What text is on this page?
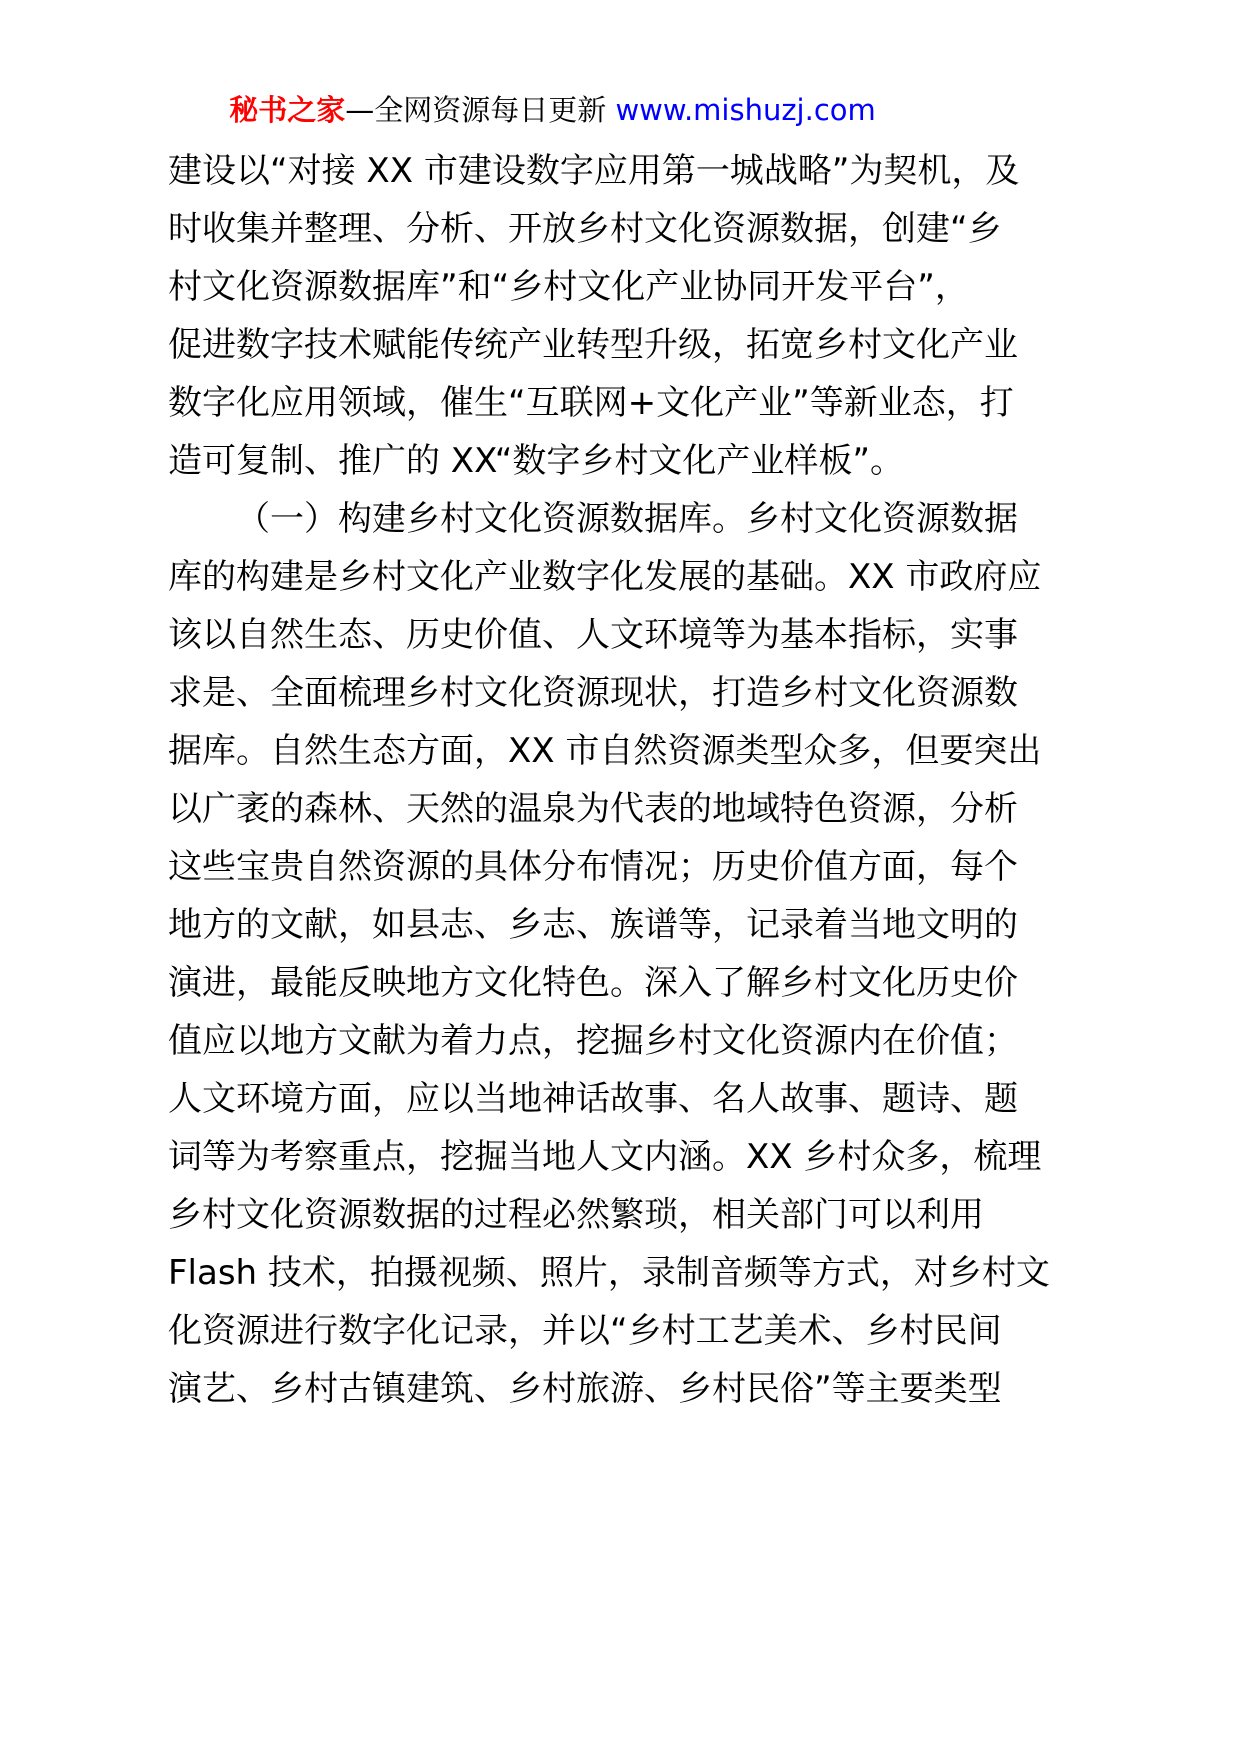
秘书之家—全网资源每日更新 www.mishuzj.com
建设以“对接 XX 市建设数字应用第一城战略”为契机，及
时收集并整理、分析、开放乡村文化资源数据，创建“乡
村文化资源数据库”和“乡村文化产业协同开发平台”，
促进数字技术赋能传统产业转型升级，拓宽乡村文化产业
数字化应用领域，催生“互联网+文化产业”等新业态，打
造可复制、推广的 XX“数字乡村文化产业样板”。
（一）构建乡村文化资源数据库。乡村文化资源数据
库的构建是乡村文化产业数字化发展的基础。XX 市政府应
该以自然生态、历史价值、人文环境等为基本指标，实事
求是、全面梳理乡村文化资源现状，打造乡村文化资源数
据库。自然生态方面，XX 市自然资源类型众多，但要突出
以广袤的森林、天然的温泉为代表的地域特色资源，分析
这些宝贵自然资源的具体分布情况；历史价值方面，每个
地方的文献，如县志、乡志、族谱等，记录着当地文明的
演进，最能反映地方文化特色。深入了解乡村文化历史价
值应以地方文献为着力点，挖掘乡村文化资源内在价值；
人文环境方面，应以当地神话故事、名人故事、题诗、题
词等为考察重点，挖掘当地人文内涵。XX 乡村众多，梳理
乡村文化资源数据的过程必然繁琐，相关部门可以利用
Flash 技术，拍摄视频、照片，录制音频等方式，对乡村文
化资源进行数字化记录，并以“乡村工艺美术、乡村民间
演艺、乡村古镇建筑、乡村旅游、乡村民俗”等主要类型
